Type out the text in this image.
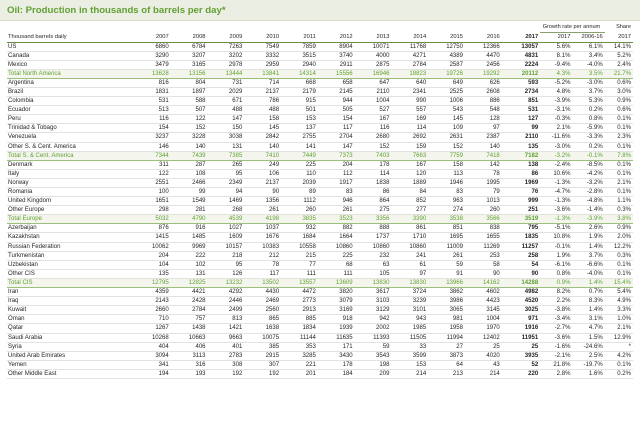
Oil: Production in thousands of barrels per day*
												Growth rate per annum		Share
Thousand barrels daily	2007	2008	2009	2010	2011	2012	2013	2014	2015	2016	2017	2017	2006-16	2017
US	6860	6784	7263	7549	7859	8904	10071	11768	12750	12366	13057	5.6%	6.1%	14.1%
Canada	3290	3207	3202	3332	3515	3740	4000	4271	4389	4470	4831	8.1%	3.4%	5.2%
Mexico	3479	3165	2978	2959	2940	2911	2875	2784	2587	2456	2224	-9.4%	-4.0%	2.4%
Total North America	13628	13156	13444	13841	14314	15556	16946	18823	19726	19292	20112	4.3%	3.5%	21.7%
Argentina	816	804	731	714	668	658	647	640	649	626	593	-5.2%	-3.0%	0.6%
Brazil	1831	1897	2029	2137	2179	2145	2110	2341	2525	2608	2734	4.8%	3.7%	3.0%
Colombia	531	588	671	786	915	944	1004	990	1006	886	851	-3.9%	5.3%	0.9%
Ecuador	513	507	488	488	501	505	527	557	543	548	531	-3.1%	0.2%	0.6%
Peru	116	122	147	158	153	154	167	169	145	128	127	-0.3%	0.8%	0.1%
Trinidad & Tobago	154	152	150	145	137	117	116	114	109	97	99	2.1%	-5.9%	0.1%
Venezuela	3237	3228	3038	2842	2755	2704	2680	2692	2631	2387	2110	-11.6%	-3.3%	2.3%
Other S. & Cent. America	146	140	131	140	141	147	152	159	152	140	135	-3.0%	0.2%	0.1%
Total S. & Cent. America	7344	7439	7385	7410	7449	7373	7403	7663	7759	7418	7182	-3.2%	-0.1%	7.8%
Denmark	311	287	265	249	225	204	178	167	158	142	138	-2.4%	-8.5%	0.1%
Italy	122	108	95	106	110	112	114	120	113	78	86	10.6%	-4.2%	0.1%
Norway	2551	2466	2349	2137	2039	1917	1838	1889	1946	1995	1969	-1.3%	-3.2%	2.1%
Romania	100	99	94	90	89	83	86	84	83	79	76	-4.7%	-2.8%	0.1%
United Kingdom	1651	1549	1469	1356	1112	946	864	852	963	1013	999	-1.3%	-4.8%	1.1%
Other Europe	298	281	268	261	260	261	275	277	274	260	251	-3.6%	-1.4%	0.3%
Total Europe	5032	4790	4539	4198	3835	3523	3356	3390	3538	3566	3519	-1.3%	-3.9%	3.8%
Azerbaijan	876	916	1027	1037	932	882	888	861	851	838	795	-5.1%	2.6%	0.9%
Kazakhstan	1415	1485	1609	1676	1684	1664	1737	1710	1695	1655	1835	10.8%	1.9%	2.0%
Russian Federation	10062	9969	10157	10383	10558	10860	10860	10860	11009	11269	11257	-0.1%	1.4%	12.2%
Turkmenistan	204	222	218	212	215	225	232	241	261	253	258	1.9%	3.7%	0.3%
Uzbekistan	104	102	95	78	77	68	63	61	59	58	54	-6.1%	-6.6%	0.1%
Other CIS	135	131	126	117	111	111	105	97	91	90	90	0.8%	-4.0%	0.1%
Total CIS	12795	12825	13232	13502	13557	13609	13830	13830	13966	14162	14288	0.9%	1.4%	15.4%
Iran	4359	4421	4292	4430	4472	3820	3617	3724	3862	4602	4982	8.2%	0.7%	5.4%
Iraq	2143	2428	2446	2469	2773	3079	3103	3239	3986	4423	4520	2.2%	8.3%	4.9%
Kuwait	2660	2784	2499	2560	2913	3169	3129	3101	3065	3145	3025	-3.8%	1.4%	3.3%
Oman	710	757	813	865	885	918	942	943	981	1004	971	-3.4%	3.1%	1.0%
Qatar	1267	1438	1421	1638	1834	1939	2002	1985	1958	1970	1916	-2.7%	4.7%	2.1%
Saudi Arabia	10268	10663	9663	10075	11144	11635	11393	11505	11994	12402	11951	-3.6%	1.5%	12.9%
Syria	404	406	401	385	353	171	59	33	27	25	25	-1.6%	-24.6%	*
United Arab Emirates	3094	3113	2783	2915	3285	3430	3543	3599	3873	4020	3935	-2.1%	2.5%	4.2%
Yemen	341	316	308	307	221	178	198	153	64	43	52	21.8%	-19.7%	0.1%
Other Middle East	194	193	192	192	201	184	209	214	213	214	220	2.8%	1.6%	0.2%
